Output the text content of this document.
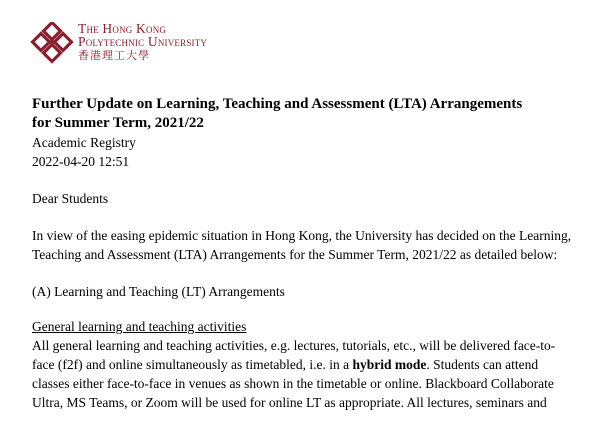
The Hong Kong
Polytechnic University
香港理工大學

Further Update on Learning, Teaching and Assessment (LTA) Arrangements
for Summer Term, 2021/22

Academic Registry

2022-04-20 12:51

Dear Students

In view of the easing epidemic situation in Hong Kong, the University has decided on the Learning,
Teaching and Assessment (LTA) Arrangements for the Summer Term, 2021/22 as detailed below:

(A) Learning and Teaching (LT) Arrangements

General learning and teaching activities

All general learning and teaching activities, e.g. lectures, tutorials, etc., will be delivered face-to-
face (f2f) and online simultaneously as timetabled, i.e. in a hybrid mode. Students can attend
classes either face-to-face in venues as shown in the timetable or online. Blackboard Collaborate
Ultra, MS Teams, or Zoom will be used for online LT as appropriate. All lectures, seminars and
